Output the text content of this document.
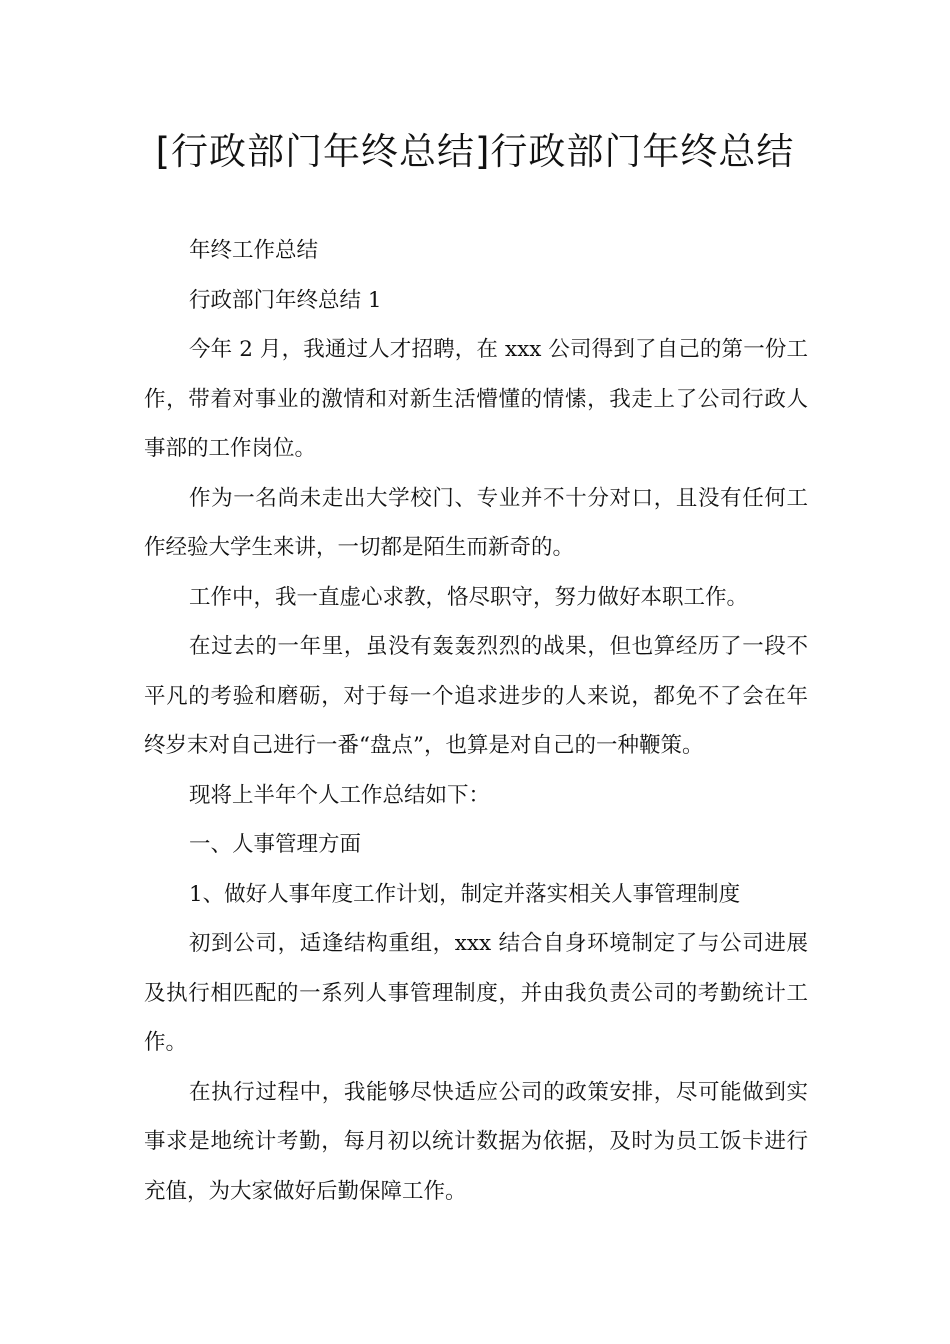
[行政部门年终总结]行政部门年终总结

年终工作总结

行政部门年终总结 1

今年 2 月，我通过人才招聘，在 xxx 公司得到了自己的第一份工作，带着对事业的激情和对新生活懵懂的情愫，我走上了公司行政人事部的工作岗位。

作为一名尚未走出大学校门、专业并不十分对口，且没有任何工作经验大学生来讲，一切都是陌生而新奇的。

工作中，我一直虚心求教，恪尽职守，努力做好本职工作。

在过去的一年里，虽没有轰轰烈烈的战果，但也算经历了一段不平凡的考验和磨砺，对于每一个追求进步的人来说，都免不了会在年终岁末对自己进行一番“盘点”，也算是对自己的一种鞭策。

现将上半年个人工作总结如下：

一、人事管理方面

1、做好人事年度工作计划，制定并落实相关人事管理制度

初到公司，适逢结构重组，xxx 结合自身环境制定了与公司进展及执行相匹配的一系列人事管理制度，并由我负责公司的考勤统计工作。

在执行过程中，我能够尽快适应公司的政策安排，尽可能做到实事求是地统计考勤，每月初以统计数据为依据，及时为员工饭卡进行充值，为大家做好后勤保障工作。
